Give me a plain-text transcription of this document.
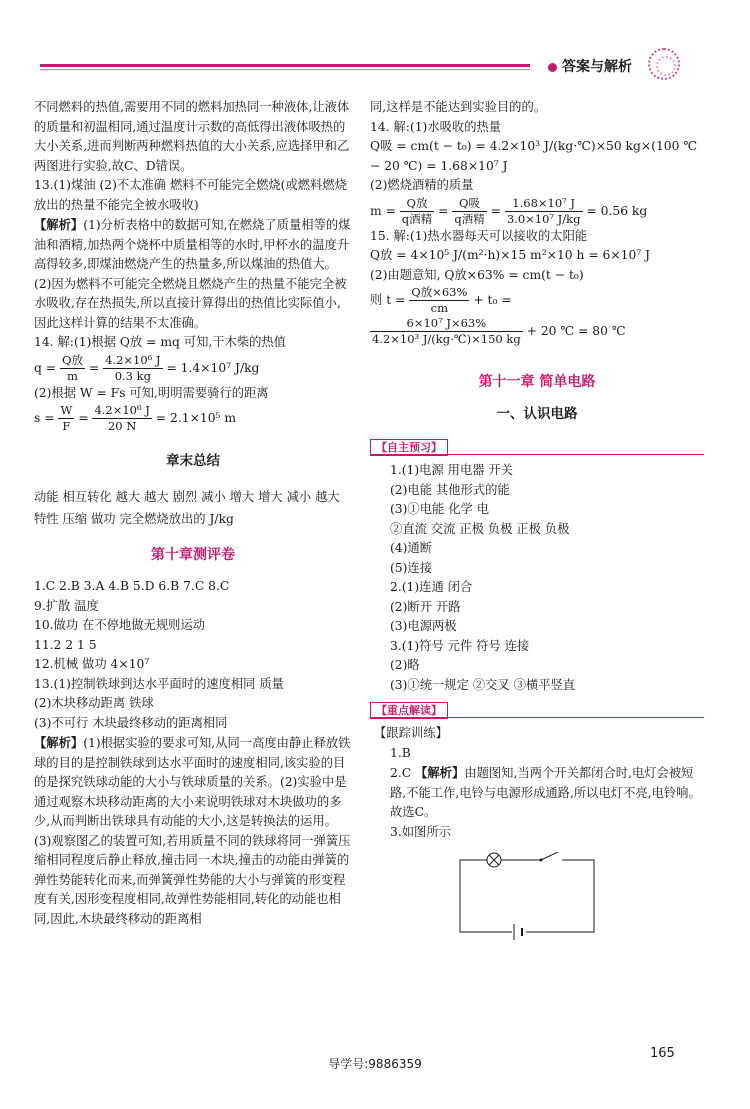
答案与解析

不同燃料的热值,需要用不同的燃料加热同一种液体,让液体的质量和初温相同,通过温度计示数的高低得出液体吸热的大小关系,进而判断两种燃料热值的大小关系,应选择甲和乙两图进行实验,故C、D错误。

13.(1)煤油 (2)不太准确 燃料不可能完全燃烧(或燃料燃烧放出的热量不能完全被水吸收)

【解析】(1)分析表格中的数据可知,在燃烧了质量相等的煤油和酒精,加热两个烧杯中质量相等的水时,甲杯水的温度升高得较多,即煤油燃烧产生的热量多,所以煤油的热值大。(2)因为燃料不可能完全燃烧且燃烧产生的热量不能完全被水吸收,存在热损失,所以直接计算得出的热值比实际值小,因此这样计算的结果不太准确。

14. 解:(1)根据 Q放 = mq 可知,干木柴的热值

$q = \frac{\text{Q放}}{m} = \frac{\text{4.2×10⁶ J}}{0.3 kg} = 1.4\times 10^7$ J/kg

(2)根据 W = Fs 可知,明明需要骑行的距离

$s = \frac{W}{F} = \frac{\text{4.2×10⁶ J}}{20 N} = 2.1\times 10^5$ m

章末总结

动能 相互转化 越大 越大 剧烈 减小 增大 增大 减小 越大 特性 压缩 做功 完全燃烧放出的 J/kg

第十章测评卷

1.C 2.B 3.A 4.B 5.D 6.B 7.C 8.C

9.扩散 温度

10.做功 在不停地做无规则运动

11.2 2 1 5

12.机械 做功 4×10⁷

13.(1)控制铁球到达水平面时的速度相同 质量

(2)木块移动距离 铁球

(3)不可行 木块最终移动的距离相同

【解析】(1)根据实验的要求可知,从同一高度由静止释放铁球的目的是控制铁球到达水平面时的速度相同,该实验的目的是探究铁球动能的大小与铁球质量的关系。(2)实验中是通过观察木块移动距离的大小来说明铁球对木块做功的多少,从而判断出铁球具有动能的大小,这是转换法的运用。(3)观察图乙的装置可知,若用质量不同的铁球将同一弹簧压缩相同程度后静止释放,撞击同一木块,撞击的动能由弹簧的弹性势能转化而来,而弹簧弹性势能的大小与弹簧的形变程度有关,因形变程度相同,故弹性势能相同,转化的动能也相同,因此,木块最终移动的距离相

同,这样是不能达到实验目的的。

14. 解:(1)水吸收的热量

Q吸 = cm(t − t₀) = 4.2×10³ J/(kg·℃)×50 kg×(100 ℃ − 20 ℃) = 1.68×10⁷ J

(2)燃烧酒精的质量

$m = \frac{\text{Q放}}{\text{q酒精}} = \frac{\text{Q吸}}{\text{q酒精}} = \frac{\text{1.68×10⁷ J}}{\text{3.0×10⁷ J/kg}} = 0.56$ kg

15. 解:(1)热水器每天可以接收的太阳能

Q放 = 4×10⁵ J/(m²·h)×15 m²×10 h = 6×10⁷ J

(2)由题意知, Q放×63% = cm(t − t₀)

则 $t = \frac{\text{Q放×63\%}}{cm} + t_0$ =

$\frac{\text{6×10⁷ J×63\%}}{\text{4.2×10³ J/(kg·℃)×150 kg}} + 20$ ℃ = 80 ℃

第十一章 简单电路
一、认识电路
【自主预习】

1.(1)电源 用电器 开关

(2)电能 其他形式的能

(3)①电能 化学 电

②直流 交流 正极 负极 正极 负极

(4)通断

(5)连接

2.(1)连通 闭合

(2)断开 开路

(3)电源两极

3.(1)符号 元件 符号 连接

(2)略

(3)①统一规定 ②交叉 ③横平竖直

【重点解读】

【跟踪训练】

1.B

2.C 【解析】由题图知,当两个开关都闭合时,电灯会被短路,不能工作,电铃与电源形成通路,所以电灯不亮,电铃响。故选C。

3.如图所示

导学号:9886359
165
